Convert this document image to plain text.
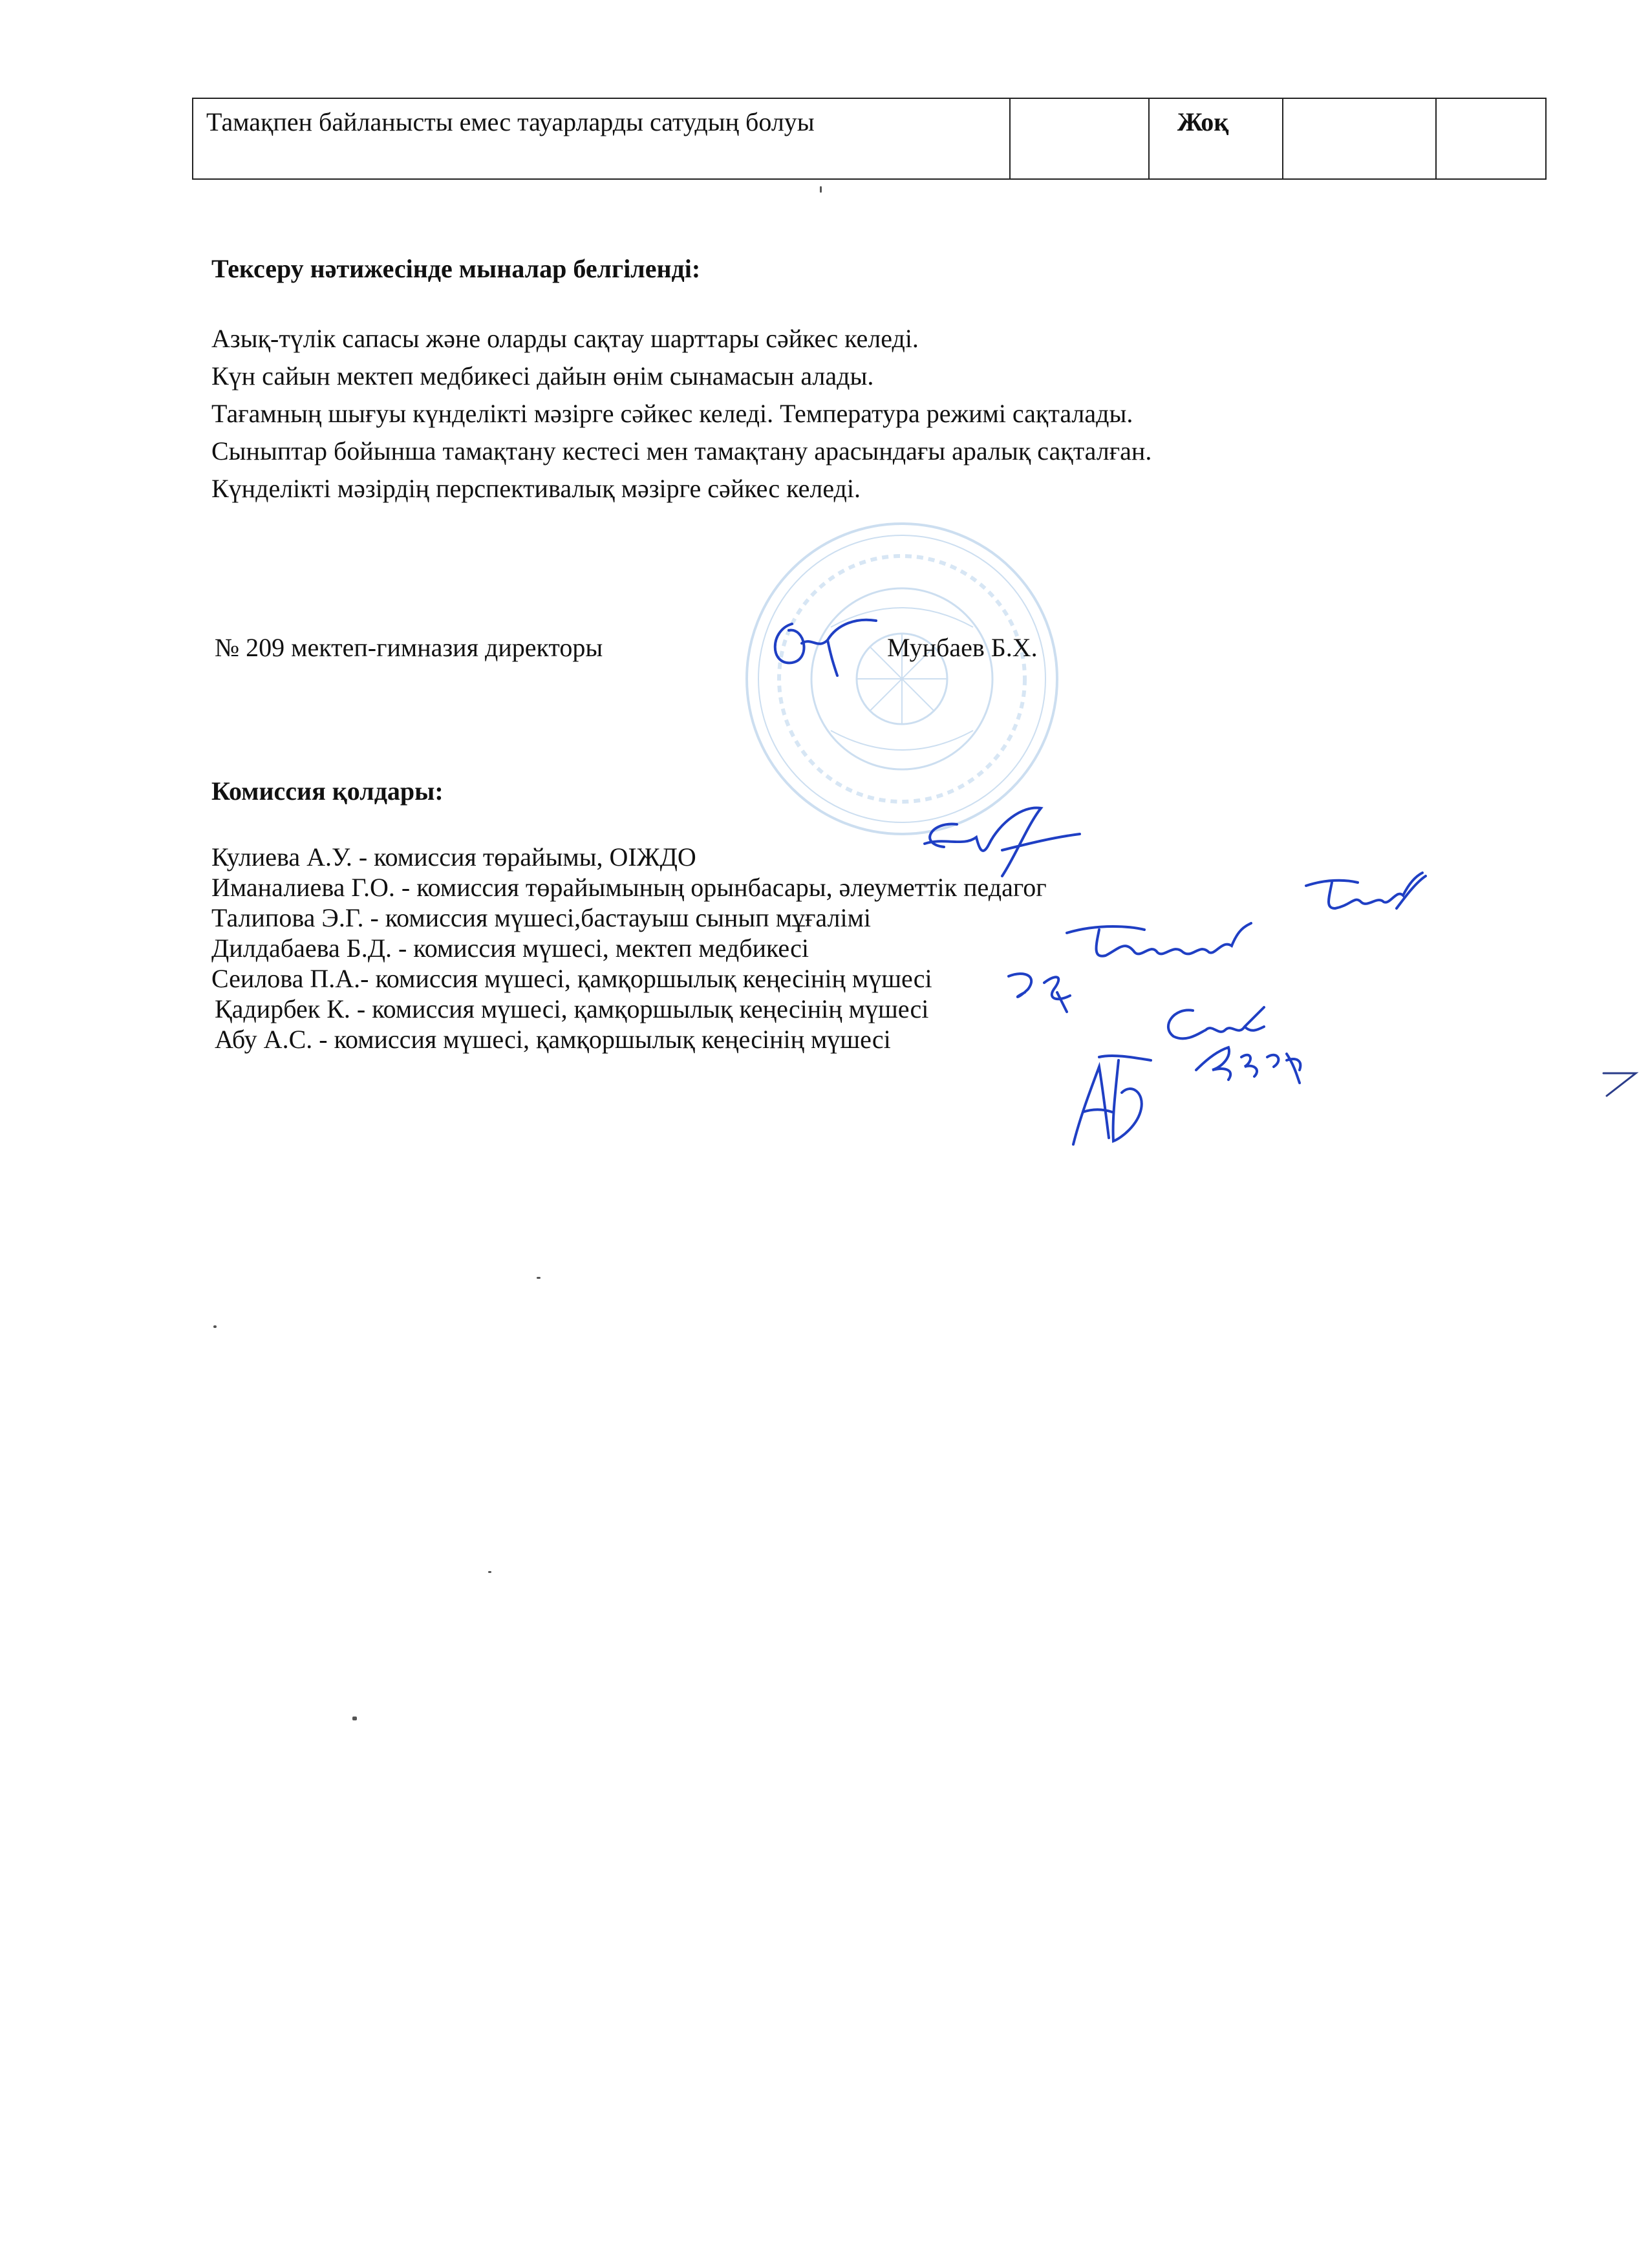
Тамақпен байланысты емес тауарларды сатудың болуы		Жоқ		
Тексеру нәтижесінде мыналар белгіленді:
Азық-түлік сапасы және оларды сақтау шарттары сәйкес келеді.
Күн сайын мектеп медбикесі дайын өнім сынамасын алады.
Тағамның шығуы күнделікті мәзірге сәйкес келеді. Температура режимі сақталады.
Сыныптар бойынша тамақтану кестесі мен тамақтану арасындағы аралық сақталған.
Күнделікті мәзірдің перспективалық мәзірге сәйкес келеді.
№ 209 мектеп-гимназия директоры	Мунбаев Б.Х.
Комиссия қолдары:
Кулиева А.У. - комиссия төрайымы, ОІЖДО
Иманалиева Г.О. - комиссия төрайымының орынбасары, әлеуметтік педагог
Талипова Э.Г. - комиссия мүшесі,бастауыш сынып мұғалімі
Дилдабаева Б.Д. - комиссия мүшесі, мектеп медбикесі
Сеилова П.А.- комиссия мүшесі, қамқоршылық кеңесінің мүшесі
Қадирбек К. - комиссия мүшесі, қамқоршылық кеңесінің мүшесі
Абу А.С. - комиссия мүшесі, қамқоршылық кеңесінің мүшесі
